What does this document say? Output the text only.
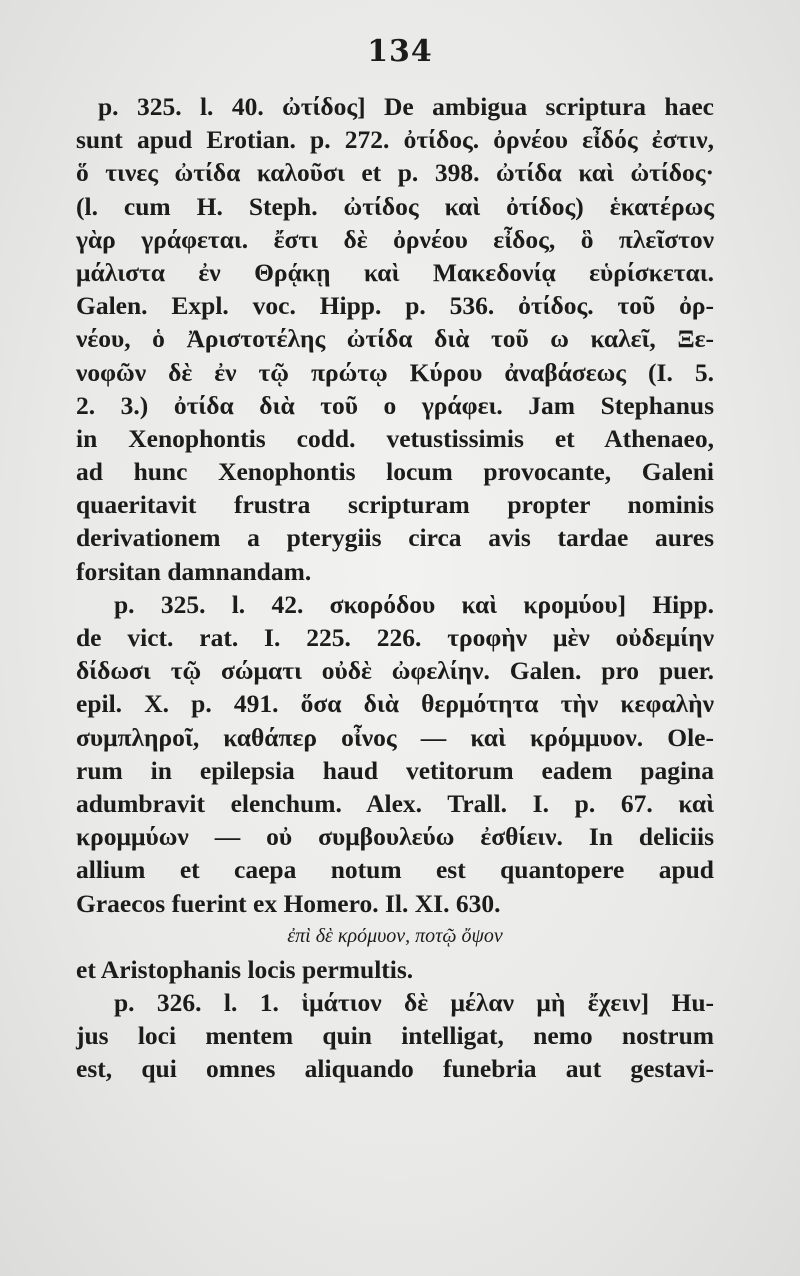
134
p. 325. l. 40. ὠτίδος] De ambigua scriptura haec
sunt apud Erotian. p. 272. ὀτίδος. ὀρνέου εἶδός ἐστιν,
ὅ τινες ὠτίδα καλοῦσι et p. 398. ὠτίδα καὶ ὠτίδος·
(l. cum H. Steph. ὠτίδος καὶ ὀτίδος) ἑκατέρως
γὰρ γράφεται. ἔστι δὲ ὀρνέου εἶδος, ὃ πλεῖστον
μάλιστα ἐν Θρᾴκῃ καὶ Μακεδονίᾳ εὑρίσκεται.
Galen. Expl. voc. Hipp. p. 536. ὀτίδος. τοῦ ὀρ-
νέου, ὁ Ἀριστοτέλης ὠτίδα διὰ τοῦ ω καλεῖ, Ξε-
νοφῶν δὲ ἐν τῷ πρώτῳ Κύρου ἀναβάσεως (I. 5.
2. 3.) ὀτίδα διὰ τοῦ ο γράφει. Jam Stephanus
in Xenophontis codd. vetustissimis et Athenaeo,
ad hunc Xenophontis locum provocante, Galeni
quaeritavit frustra scripturam propter nominis
derivationem a pterygiis circa avis tardae aures
forsitan damnandam.
p. 325. l. 42. σκορόδου καὶ κρομύου] Hipp.
de vict. rat. I. 225. 226. τροφὴν μὲν οὐδεμίην
δίδωσι τῷ σώματι οὐδὲ ὠφελίην. Galen. pro puer.
epil. X. p. 491. ὅσα διὰ θερμότητα τὴν κεφαλὴν
συμπληροῖ, καθάπερ οἶνος — καὶ κρόμμυον. Ole-
rum in epilepsia haud vetitorum eadem pagina
adumbravit elenchum. Alex. Trall. I. p. 67. καὶ
κρομμύων — οὐ συμβουλεύω ἐσθίειν. In deliciis
allium et caepa notum est quantopere apud
Graecos fuerint ex Homero. Il. XI. 630.
ἐπὶ δὲ κρόμυον, ποτῷ ὄψον
et Aristophanis locis permultis.
p. 326. l. 1. ἱμάτιον δὲ μέλαν μὴ ἔχειν] Hu-
jus loci mentem quin intelligat, nemo nostrum
est, qui omnes aliquando funebria aut gestavi-
